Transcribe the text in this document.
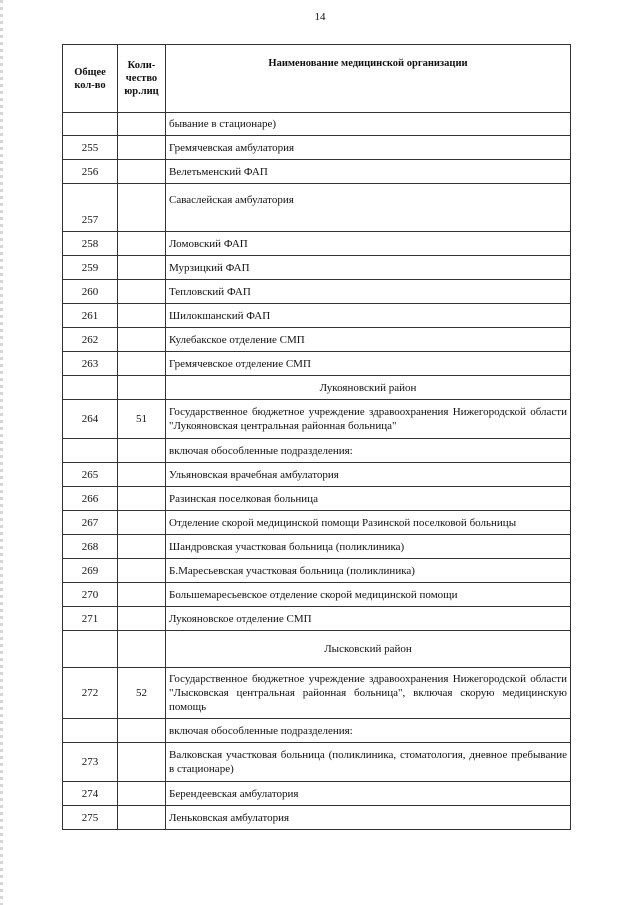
14
Общее кол-во	Коли-чество юр.лиц	Наименование медицинской организации
		бывание в стационаре)
255		Гремячевская амбулатория
256		Велетьменский ФАП
257		Саваслейская амбулатория
258		Ломовский ФАП
259		Мурзицкий ФАП
260		Тепловский ФАП
261		Шилокшанский ФАП
262		Кулебакское отделение СМП
263		Гремячевское отделение СМП
		Лукояновский район
264	51	Государственное бюджетное учреждение здравоохранения Нижегородской области "Лукояновская центральная районная больница"
		включая обособленные подразделения:
265		Ульяновская врачебная амбулатория
266		Разинская поселковая больница
267		Отделение скорой медицинской помощи Разинской поселковой больницы
268		Шандровская участковая больница (поликлиника)
269		Б.Маресьевская участковая больница (поликлиника)
270		Большемаресьевское отделение скорой медицинской помощи
271		Лукояновское отделение СМП
		Лысковский район
272	52	Государственное бюджетное учреждение здравоохранения Нижегородской области "Лысковская центральная районная больница", включая скорую медицинскую помощь
		включая обособленные подразделения:
273		Валковская участковая больница (поликлиника, стоматология, дневное пребывание в стационаре)
274		Берендеевская амбулатория
275		Леньковская амбулатория
